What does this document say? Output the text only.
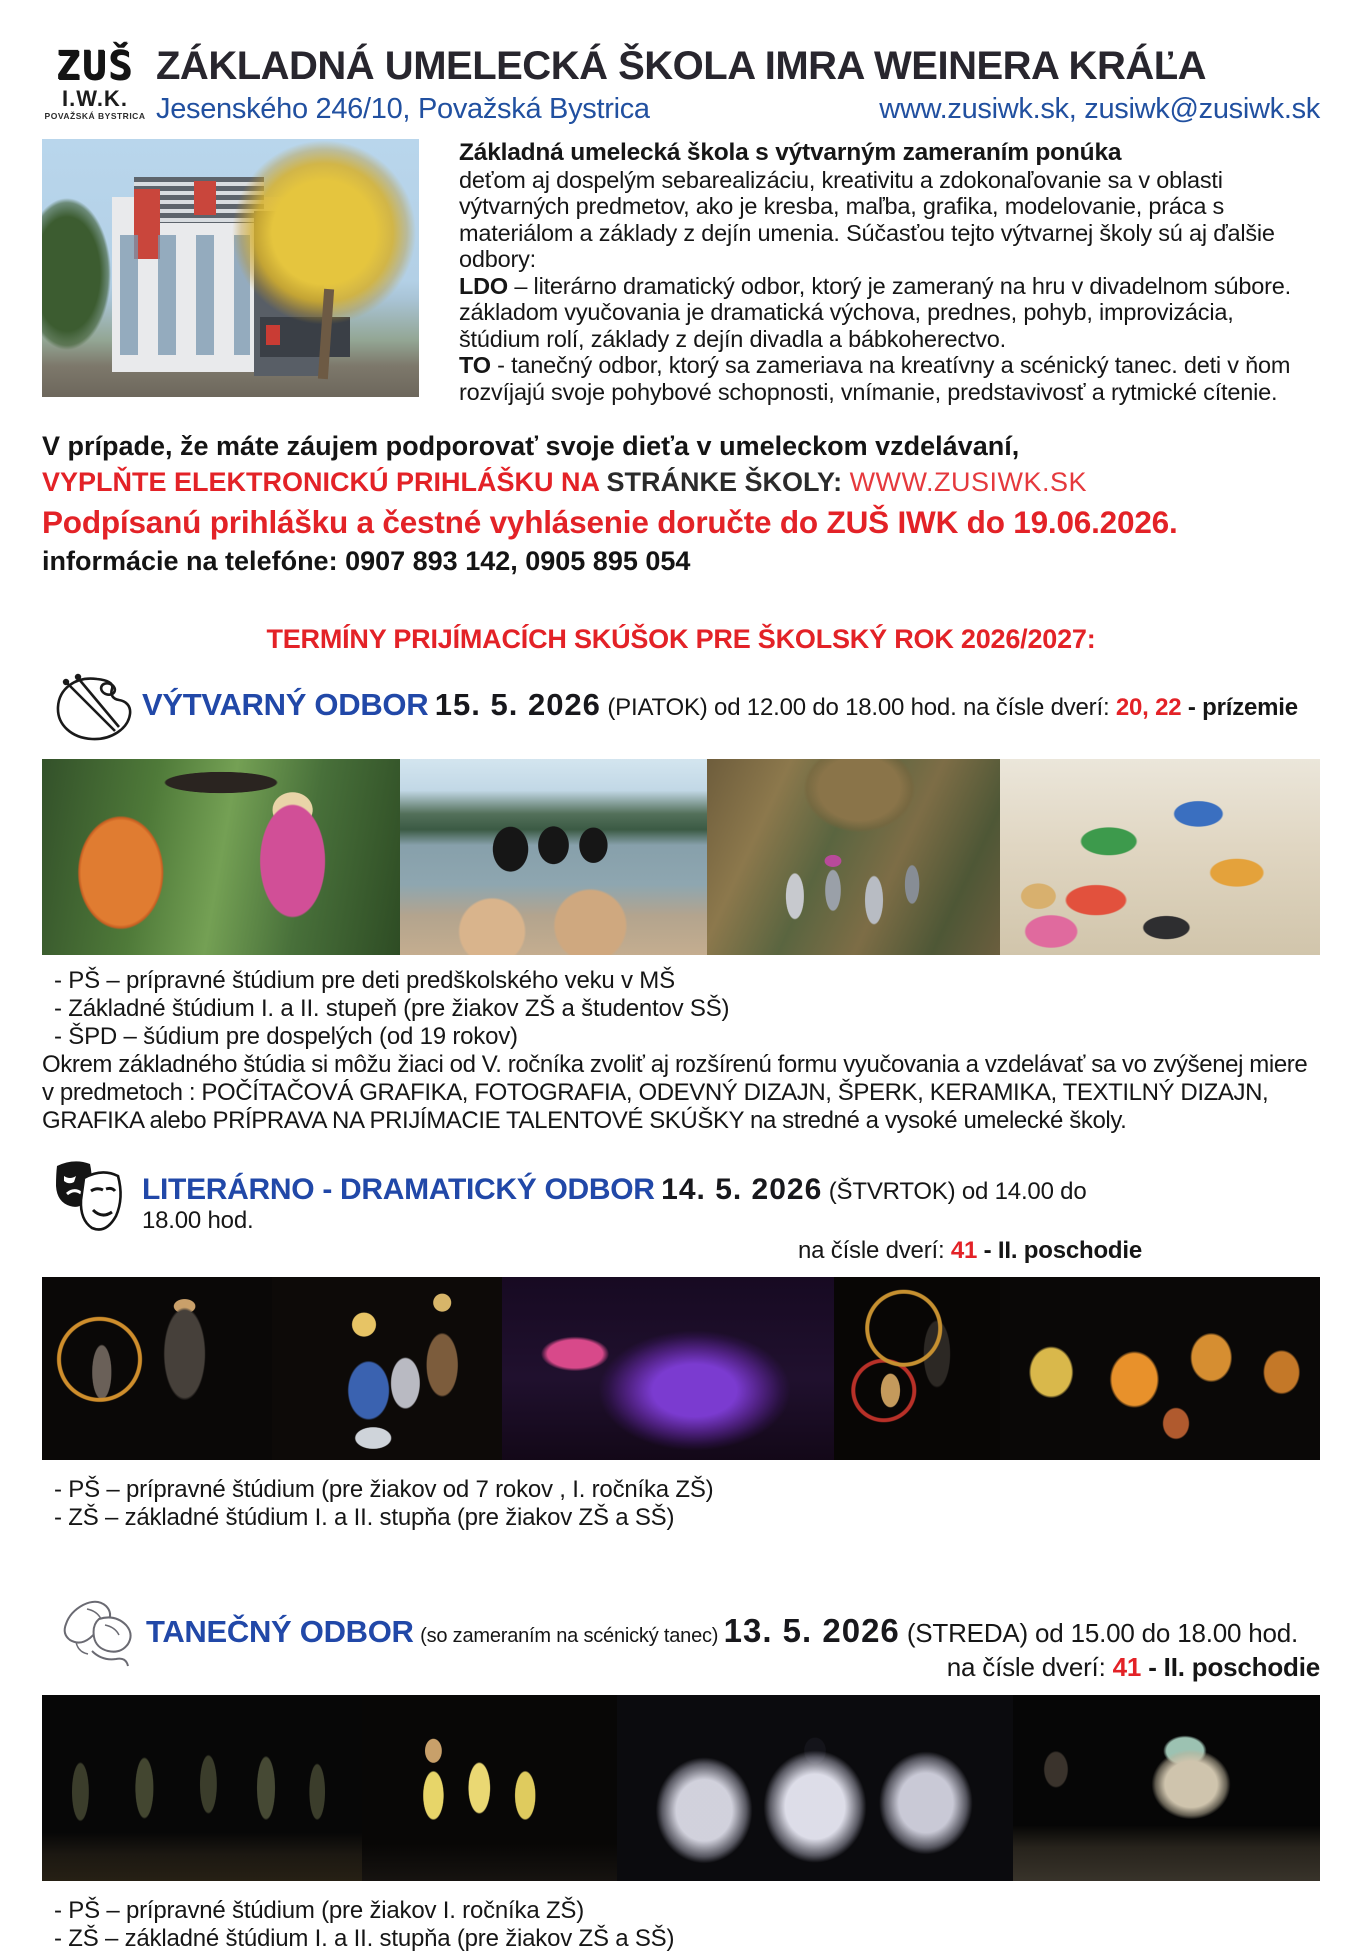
ZUŠ
I.W.K.
POVAŽSKÁ BYSTRICA
ZÁKLADNÁ UMELECKÁ ŠKOLA IMRA WEINERA KRÁĽA
Jesenského 246/10, Považská Bystrica	www.zusiwk.sk, zusiwk@zusiwk.sk
Základná umelecká škola s výtvarným zameraním ponúka
deťom aj dospelým sebarealizáciu, kreativitu a zdokonaľovanie sa v oblasti výtvarných predmetov, ako je kresba, maľba, grafika, modelovanie, práca s materiálom a základy z dejín umenia. Súčasťou tejto výtvarnej školy sú aj ďalšie odbory:
LDO – literárno dramatický odbor, ktorý je zameraný na hru v divadelnom súbore. základom vyučovania je dramatická výchova, prednes, pohyb, improvizácia, štúdium rolí, základy z dejín divadla a bábkoherectvo.
TO - tanečný odbor, ktorý sa zameriava na kreatívny a scénický tanec. deti v ňom rozvíjajú svoje pohybové schopnosti, vnímanie, predstavivosť a rytmické cítenie.
V prípade, že máte záujem podporovať svoje dieťa v umeleckom vzdelávaní,
VYPLŇTE ELEKTRONICKÚ PRIHLÁŠKU NA STRÁNKE ŠKOLY: WWW.ZUSIWK.SK
Podpísanú prihlášku a čestné vyhlásenie doručte do ZUŠ IWK do 19.06.2026.
informácie na telefóne: 0907 893 142, 0905 895 054
TERMÍNY PRIJÍMACÍCH SKÚŠOK PRE ŠKOLSKÝ ROK 2026/2027:
VÝTVARNÝ ODBOR 15. 5. 2026 (PIATOK) od 12.00 do 18.00 hod. na čísle dverí: 20, 22 - prízemie
- PŠ – prípravné štúdium pre deti predškolského veku v MŠ
- Základné štúdium I. a II. stupeň (pre žiakov ZŠ a študentov SŠ)
- ŠPD – šúdium pre dospelých (od 19 rokov)
Okrem základného štúdia si môžu žiaci od V. ročníka zvoliť aj rozšírenú formu vyučovania a vzdelávať sa vo zvýšenej miere v predmetoch : POČÍTAČOVÁ GRAFIKA, FOTOGRAFIA, ODEVNÝ DIZAJN, ŠPERK, KERAMIKA, TEXTILNÝ DIZAJN, GRAFIKA alebo PRÍPRAVA NA PRIJÍMACIE TALENTOVÉ SKÚŠKY na stredné a vysoké umelecké školy.
LITERÁRNO - DRAMATICKÝ ODBOR 14. 5. 2026 (ŠTVRTOK) od 14.00 do 18.00 hod.
na čísle dverí: 41 - II. poschodie
- PŠ – prípravné štúdium (pre žiakov od 7 rokov , I. ročníka ZŠ)
- ZŠ – základné štúdium I. a II. stupňa (pre žiakov ZŠ a SŠ)
TANEČNÝ ODBOR (so zameraním na scénický tanec) 13. 5. 2026 (STREDA) od 15.00 do 18.00 hod.
na čísle dverí: 41 - II. poschodie
- PŠ – prípravné štúdium (pre žiakov I. ročníka ZŠ)
- ZŠ – základné štúdium I. a II. stupňa (pre žiakov ZŠ a SŠ)
